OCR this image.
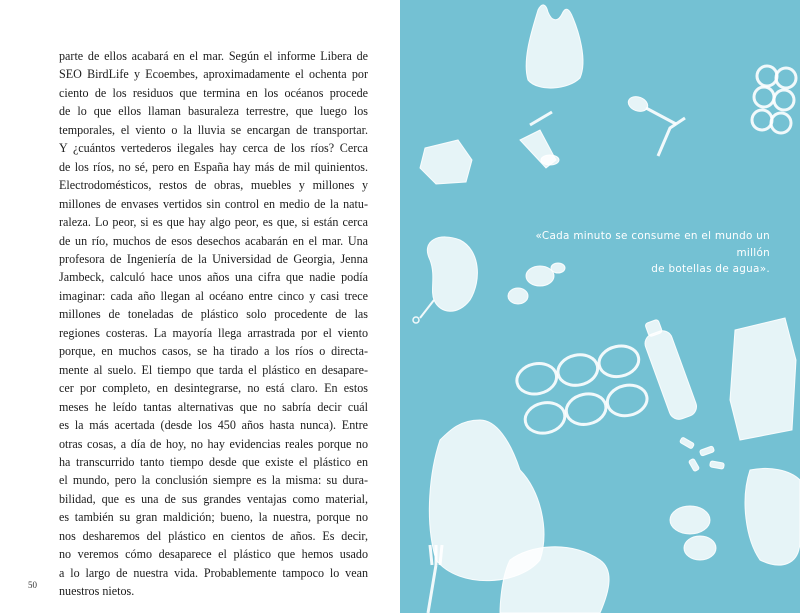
parte de ellos acabará en el mar. Según el informe Libera de
SEO BirdLife y Ecoembes, aproximadamente el ochenta por
ciento de los residuos que termina en los océanos procede
de lo que ellos llaman basuraleza terrestre, que luego los
temporales, el viento o la lluvia se encargan de transportar.
Y ¿cuántos vertederos ilegales hay cerca de los ríos? Cerca
de los ríos, no sé, pero en España hay más de mil quinientos.
Electrodomésticos, restos de obras, muebles y millones y
millones de envases vertidos sin control en medio de la natu-
raleza. Lo peor, si es que hay algo peor, es que, si están cerca
de un río, muchos de esos desechos acabarán en el mar. Una
profesora de Ingeniería de la Universidad de Georgia, Jenna
Jambeck, calculó hace unos años una cifra que nadie podía
imaginar: cada año llegan al océano entre cinco y casi trece
millones de toneladas de plástico solo procedente de las
regiones costeras. La mayoría llega arrastrada por el viento
porque, en muchos casos, se ha tirado a los ríos o directa-
mente al suelo. El tiempo que tarda el plástico en desapare-
cer por completo, en desintegrarse, no está claro. En estos
meses he leído tantas alternativas que no sabría decir cuál
es la más acertada (desde los 450 años hasta nunca). Entre
otras cosas, a día de hoy, no hay evidencias reales porque no
ha transcurrido tanto tiempo desde que existe el plástico en
el mundo, pero la conclusión siempre es la misma: su dura-
bilidad, que es una de sus grandes ventajas como material,
es también su gran maldición; bueno, la nuestra, porque no
nos desharemos del plástico en cientos de años. Es decir,
no veremos cómo desaparece el plástico que hemos usado
a lo largo de nuestra vida. Probablemente tampoco lo vean
nuestros nietos.
50
«Cada minuto se consume en el mundo un millón
de botellas de agua».
